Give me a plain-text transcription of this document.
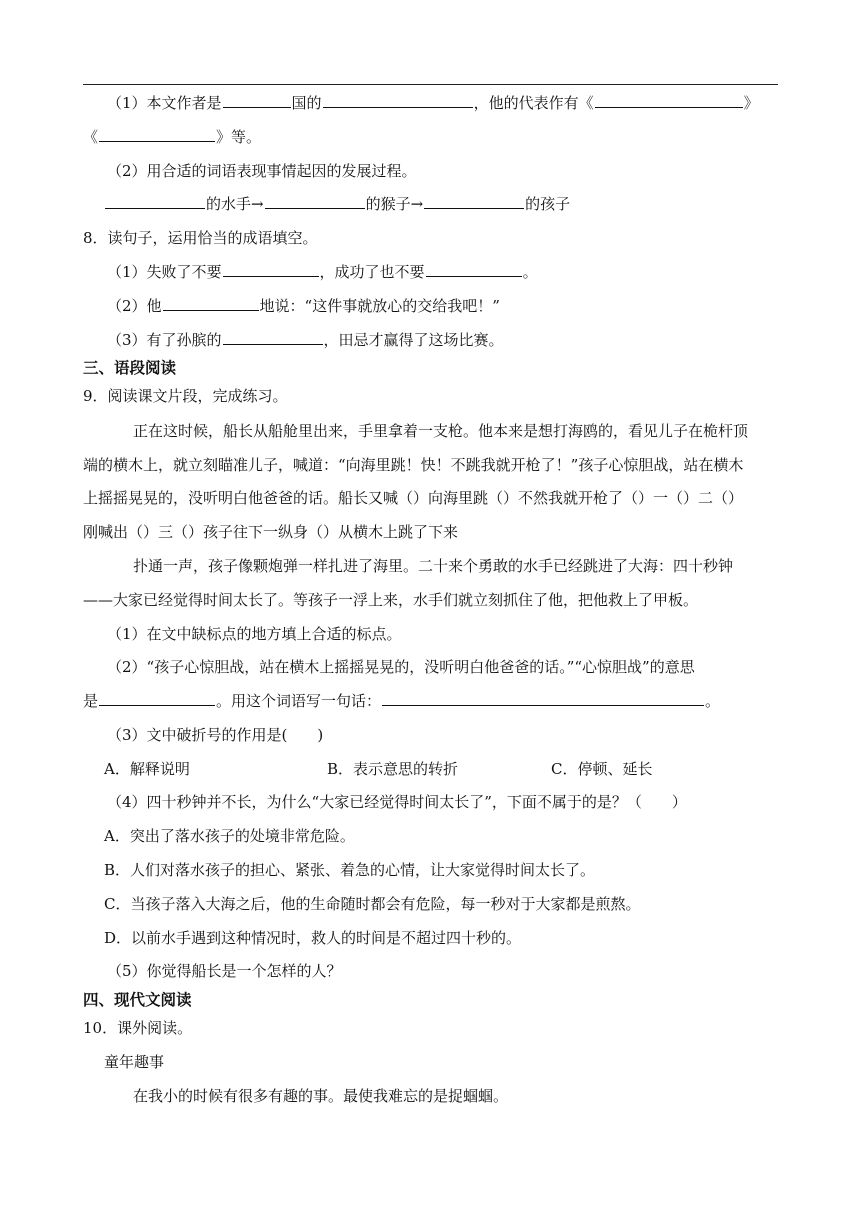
（1）本文作者是	国的	，他的代表作有《	》
《	》等。
（2）用合适的词语表现事情起因的发展过程。
的水手→	的猴子→	的孩子
8．读句子，运用恰当的成语填空。
（1）失败了不要	，成功了也不要	。
（2）他	地说：“这件事就放心的交给我吧！”
（3）有了孙膑的	，田忌才赢得了这场比赛。
三、语段阅读
9．阅读课文片段，完成练习。
正在这时候，船长从船舱里出来，手里拿着一支枪。他本来是想打海鸥的，看见儿子在桅杆顶
端的横木上，就立刻瞄准儿子，喊道：“向海里跳！快！不跳我就开枪了！”孩子心惊胆战，站在横木
上摇摇晃晃的，没听明白他爸爸的话。船长又喊（）向海里跳（）不然我就开枪了（）一（）二（）
刚喊出（）三（）孩子往下一纵身（）从横木上跳了下来
扑通一声，孩子像颗炮弹一样扎进了海里。二十来个勇敢的水手已经跳进了大海：四十秒钟
——大家已经觉得时间太长了。等孩子一浮上来，水手们就立刻抓住了他，把他救上了甲板。
（1）在文中缺标点的地方填上合适的标点。
（2）“孩子心惊胆战，站在横木上摇摇晃晃的，没听明白他爸爸的话。”“心惊胆战”的意思
是	。用这个词语写一句话：	。
（3）文中破折号的作用是(　　)
A．解释说明	B．表示意思的转折	C．停顿、延长
（4）四十秒钟并不长，为什么“大家已经觉得时间太长了”，下面不属于的是？（　　）
A．突出了落水孩子的处境非常危险。
B．人们对落水孩子的担心、紧张、着急的心情，让大家觉得时间太长了。
C．当孩子落入大海之后，他的生命随时都会有危险，每一秒对于大家都是煎熬。
D．以前水手遇到这种情况时，救人的时间是不超过四十秒的。
（5）你觉得船长是一个怎样的人？
四、现代文阅读
10．课外阅读。
童年趣事
在我小的时候有很多有趣的事。最使我难忘的是捉蝈蝈。
